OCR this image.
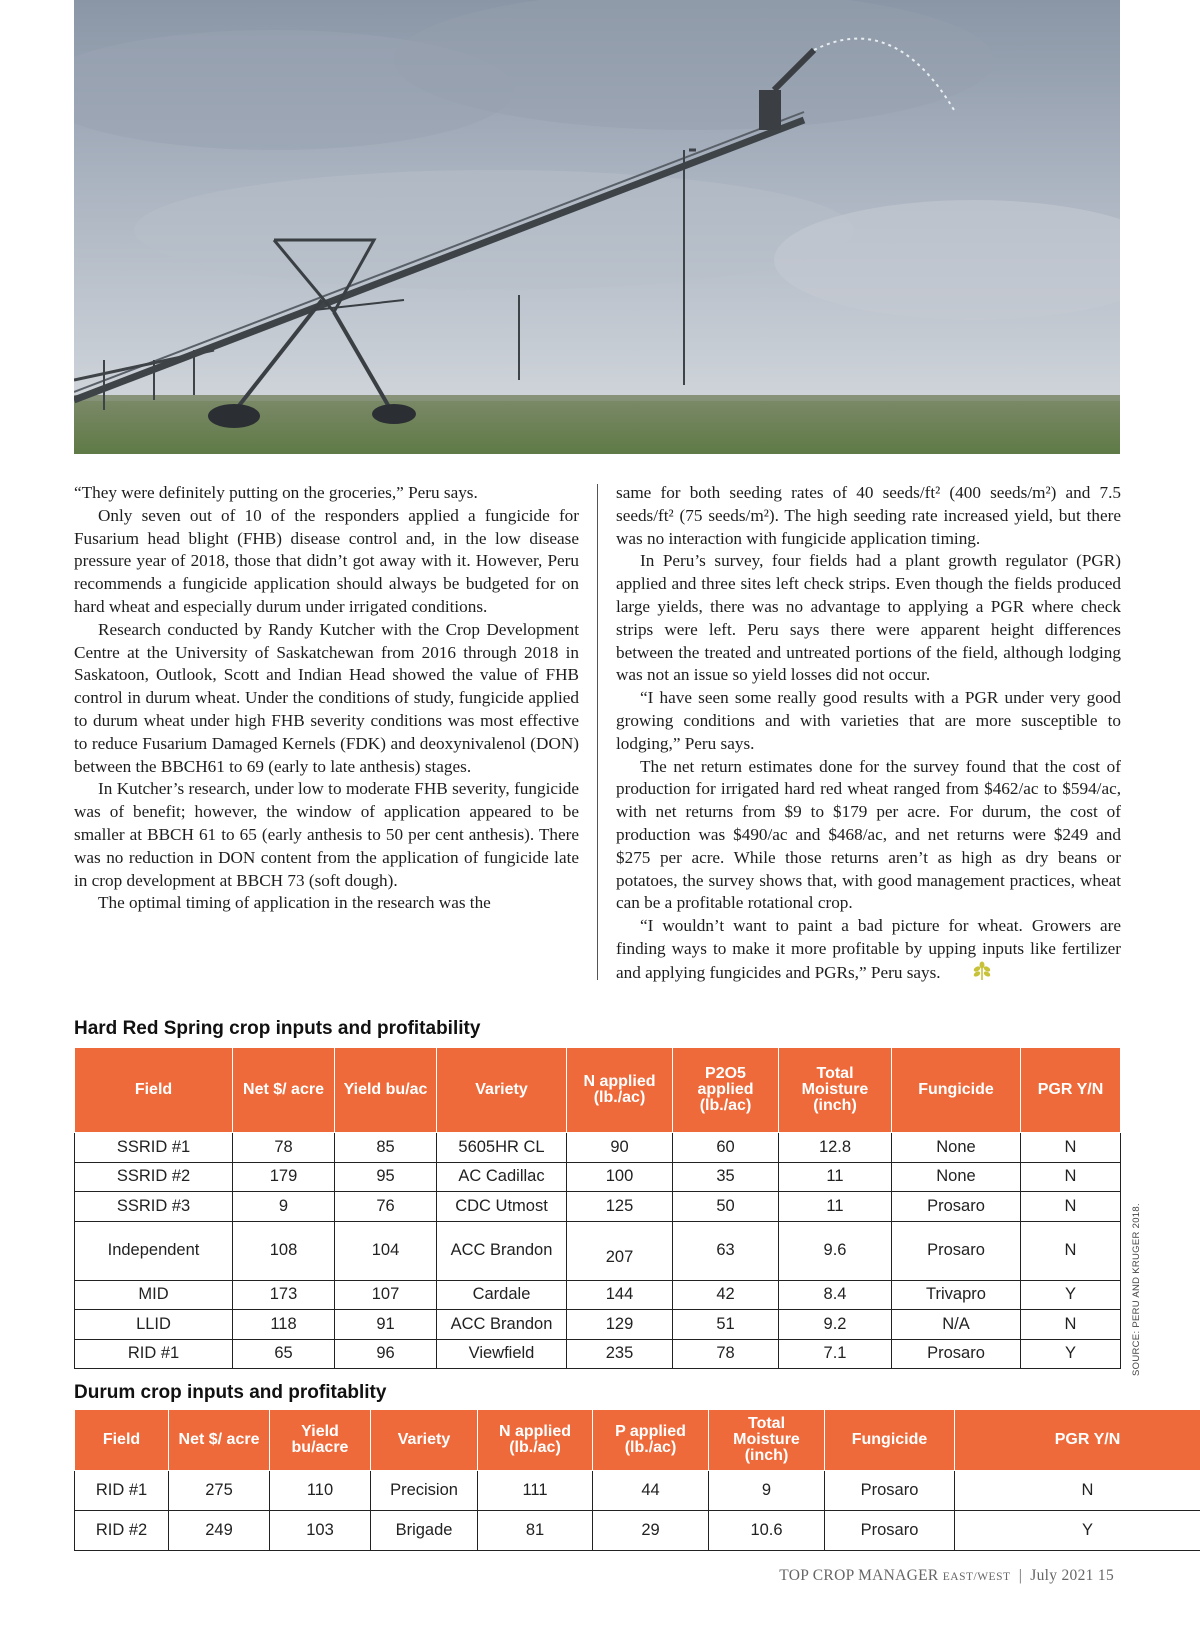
“They were definitely putting on the groceries,” Peru says.

Only seven out of 10 of the responders applied a fungicide for Fusarium head blight (FHB) disease control and, in the low disease pressure year of 2018, those that didn’t got away with it. However, Peru recommends a fungicide application should always be budgeted for on hard wheat and especially durum under irrigated conditions.

Research conducted by Randy Kutcher with the Crop Development Centre at the University of Saskatchewan from 2016 through 2018 in Saskatoon, Outlook, Scott and Indian Head showed the value of FHB control in durum wheat. Under the conditions of study, fungicide applied to durum wheat under high FHB severity conditions was most effective to reduce Fusarium Damaged Kernels (FDK) and deoxynivalenol (DON) between the BBCH61 to 69 (early to late anthesis) stages.

In Kutcher’s research, under low to moderate FHB severity, fungicide was of benefit; however, the window of application appeared to be smaller at BBCH 61 to 65 (early anthesis to 50 per cent anthesis). There was no reduction in DON content from the application of fungicide late in crop development at BBCH 73 (soft dough).

The optimal timing of application in the research was the

same for both seeding rates of 40 seeds/ft² (400 seeds/m²) and 7.5 seeds/ft² (75 seeds/m²). The high seeding rate increased yield, but there was no interaction with fungicide application timing.

In Peru’s survey, four fields had a plant growth regulator (PGR) applied and three sites left check strips. Even though the fields produced large yields, there was no advantage to applying a PGR where check strips were left. Peru says there were apparent height differences between the treated and untreated portions of the field, although lodging was not an issue so yield losses did not occur.

“I have seen some really good results with a PGR under very good growing conditions and with varieties that are more susceptible to lodging,” Peru says.

The net return estimates done for the survey found that the cost of production for irrigated hard red wheat ranged from $462/ac to $594/ac, with net returns from $9 to $179 per acre. For durum, the cost of production was $490/ac and $468/ac, and net returns were $249 and $275 per acre. While those returns aren’t as high as dry beans or potatoes, the survey shows that, with good management practices, wheat can be a profitable rotational crop.

“I wouldn’t want to paint a bad picture for wheat. Growers are finding ways to make it more profitable by upping inputs like fertilizer and applying fungicides and PGRs,” Peru says.

Hard Red Spring crop inputs and profitability
Field	Net $/ acre	Yield bu/ac	Variety	N applied (lb./ac)	P2O5 applied (lb./ac)	Total Moisture (inch)	Fungicide	PGR Y/N
SSRID #1	78	85	5605HR CL	90	60	12.8	None	N
SSRID #2	179	95	AC Cadillac	100	35	11	None	N
SSRID #3	9	76	CDC Utmost	125	50	11	Prosaro	N
Independent	108	104	ACC Brandon	207	63	9.6	Prosaro	N
MID	173	107	Cardale	144	42	8.4	Trivapro	Y
LLID	118	91	ACC Brandon	129	51	9.2	N/A	N
RID #1	65	96	Viewfield	235	78	7.1	Prosaro	Y
Durum crop inputs and profitablity
Field	Net $/ acre	Yield bu/acre	Variety	N applied (lb./ac)	P applied (lb./ac)	Total Moisture (inch)	Fungicide	PGR Y/N
RID #1	275	110	Precision	111	44	9	Prosaro	N
RID #2	249	103	Brigade	81	29	10.6	Prosaro	Y
SOURCE: PERU AND KRUGER 2018.
TOP CROP MANAGER EAST/WEST | July 2021 15
